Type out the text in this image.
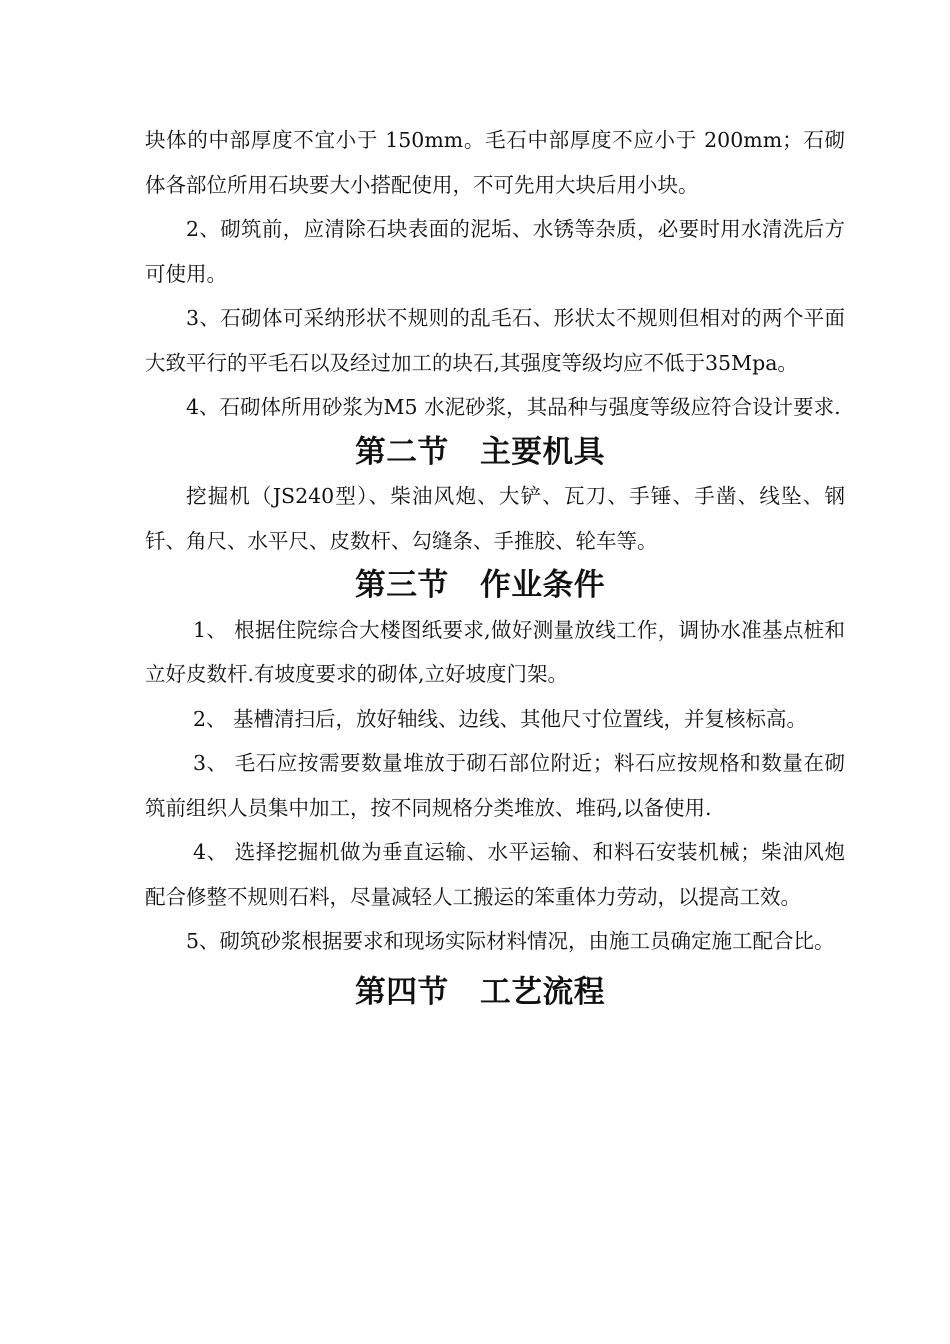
块体的中部厚度不宜小于 150mm。毛石中部厚度不应小于 200mm；石砌体各部位所用石块要大小搭配使用，不可先用大块后用小块。

2、砌筑前，应清除石块表面的泥垢、水锈等杂质，必要时用水清洗后方可使用。

3、石砌体可采纳形状不规则的乱毛石、形状太不规则但相对的两个平面大致平行的平毛石以及经过加工的块石,其强度等级均应不低于35Mpa。

4、石砌体所用砂浆为M5 水泥砂浆，其品种与强度等级应符合设计要求.

第二节　主要机具

挖掘机（JS240型）、柴油风炮、大铲、瓦刀、手锤、手凿、线坠、钢钎、角尺、水平尺、皮数杆、勾缝条、手推胶、轮车等。

第三节　作业条件

1、 根据住院综合大楼图纸要求,做好测量放线工作，调协水准基点桩和立好皮数杆.有坡度要求的砌体,立好坡度门架。

2、 基槽清扫后，放好轴线、边线、其他尺寸位置线，并复核标高。

3、 毛石应按需要数量堆放于砌石部位附近；料石应按规格和数量在砌筑前组织人员集中加工，按不同规格分类堆放、堆码,以备使用.

4、 选择挖掘机做为垂直运输、水平运输、和料石安装机械；柴油风炮配合修整不规则石料，尽量减轻人工搬运的笨重体力劳动，以提高工效。

5、砌筑砂浆根据要求和现场实际材料情况，由施工员确定施工配合比。

第四节　工艺流程
